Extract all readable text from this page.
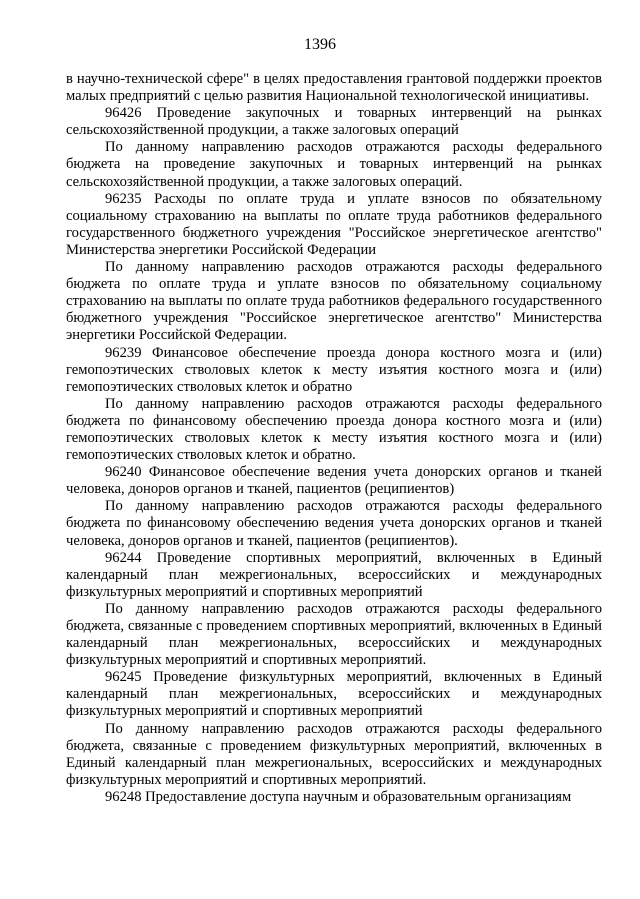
1396

в научно-технической сфере" в целях предоставления грантовой поддержки проектов малых предприятий с целью развития Национальной технологической инициативы.

96426 Проведение закупочных и товарных интервенций на рынках сельскохозяйственной продукции, а также залоговых операций

По данному направлению расходов отражаются расходы федерального бюджета на проведение закупочных и товарных интервенций на рынках сельскохозяйственной продукции, а также залоговых операций.

96235 Расходы по оплате труда и уплате взносов по обязательному социальному страхованию на выплаты по оплате труда работников федерального государственного бюджетного учреждения "Российское энергетическое агентство" Министерства энергетики Российской Федерации

По данному направлению расходов отражаются расходы федерального бюджета по оплате труда и уплате взносов по обязательному социальному страхованию на выплаты по оплате труда работников федерального государственного бюджетного учреждения "Российское энергетическое агентство" Министерства энергетики Российской Федерации.

96239 Финансовое обеспечение проезда донора костного мозга и (или) гемопоэтических стволовых клеток к месту изъятия костного мозга и (или) гемопоэтических стволовых клеток и обратно

По данному направлению расходов отражаются расходы федерального бюджета по финансовому обеспечению проезда донора костного мозга и (или) гемопоэтических стволовых клеток к месту изъятия костного мозга и (или) гемопоэтических стволовых клеток и обратно.

96240 Финансовое обеспечение ведения учета донорских органов и тканей человека, доноров органов и тканей, пациентов (реципиентов)

По данному направлению расходов отражаются расходы федерального бюджета по финансовому обеспечению ведения учета донорских органов и тканей человека, доноров органов и тканей, пациентов (реципиентов).

96244 Проведение спортивных мероприятий, включенных в Единый календарный план межрегиональных, всероссийских и международных физкультурных мероприятий и спортивных мероприятий

По данному направлению расходов отражаются расходы федерального бюджета, связанные с проведением спортивных мероприятий, включенных в Единый календарный план межрегиональных, всероссийских и международных физкультурных мероприятий и спортивных мероприятий.

96245 Проведение физкультурных мероприятий, включенных в Единый календарный план межрегиональных, всероссийских и международных физкультурных мероприятий и спортивных мероприятий

По данному направлению расходов отражаются расходы федерального бюджета, связанные с проведением физкультурных мероприятий, включенных в Единый календарный план межрегиональных, всероссийских и международных физкультурных мероприятий и спортивных мероприятий.

96248 Предоставление доступа научным и образовательным организациям
